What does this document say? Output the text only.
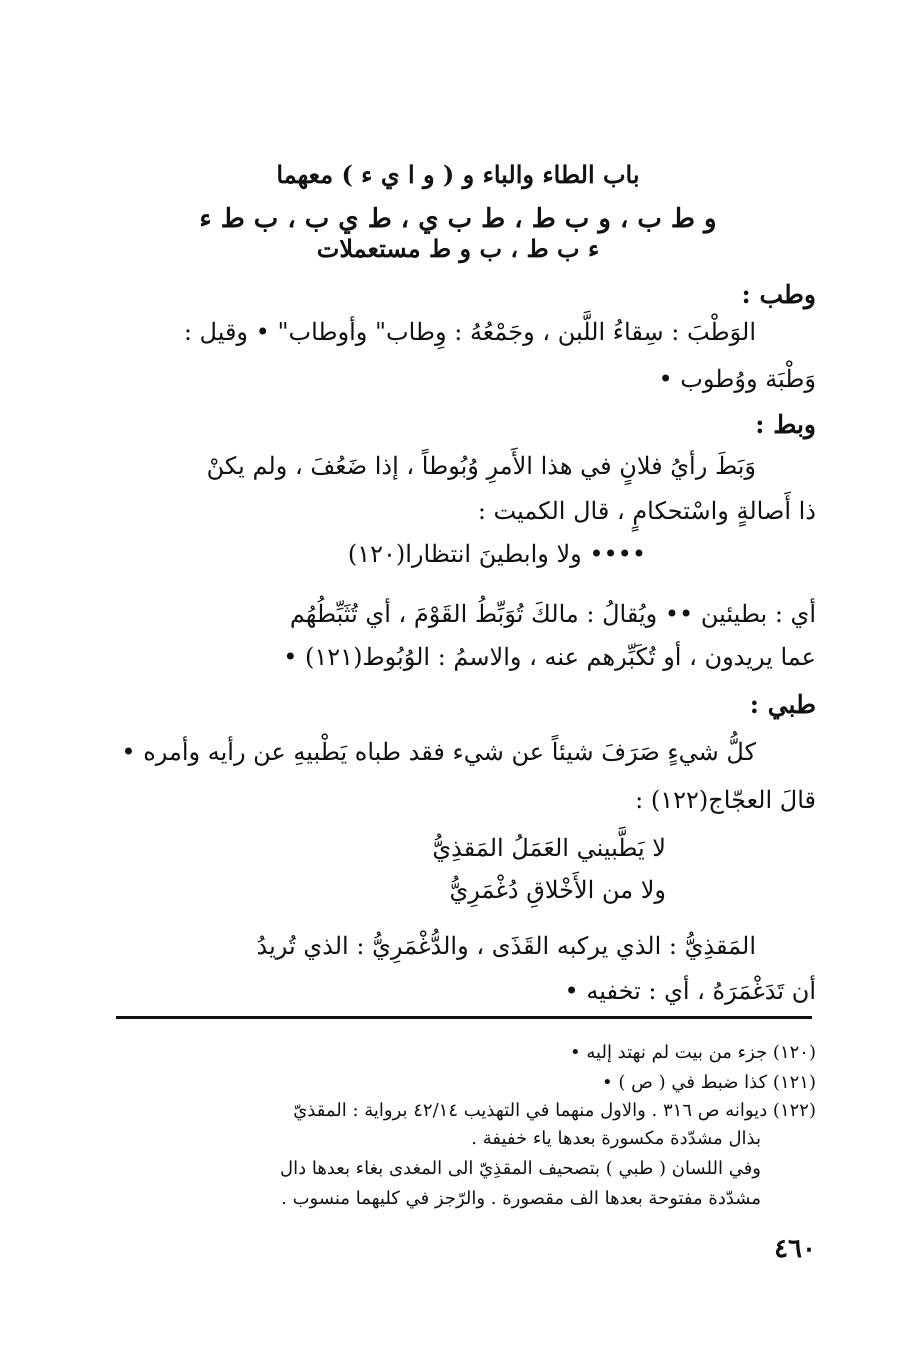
باب الطاء والباء و ( و ا ي ء ) معهما
و ط ب ، و ب ط ، ط ب ي ، ط ي ب ، ب ط ء
ء ب ط ، ب و ط مستعملات
وطب :
الوَطْبَ : سِقاءُ اللَّبن ، وجَمْعُهُ : وِطاب" وأوطاب" • وقيل :
وَطْبَة ووُطوب •
وبط :
وَبَطَ رأيُ فلانٍ في هذا الأَمرِ وُبُوطاً ، إذا ضَعُفَ ، ولم يكنْ
ذا أَصالةٍ واسْتحكامٍ ، قال الكميت :
•••• ولا وابطينَ انتظارا(١٢٠)
أي : بطيئين •• ويُقالُ : مالكَ تُوَبِّطُ القَوْمَ ، أي تُثَبِّطُهُم
عما يريدون ، أو تُكَبِّرهم عنه ، والاسمُ : الوُبُوط(١٢١) •
طبي :
كلُّ شيءٍ صَرَفَ شيئاً عن شيء فقد طباه يَطْبيهِ عن رأيه وأمره •
قالَ العجّاج(١٢٢) :
لا يَطَّبيني العَمَلُ المَقذِيُّ
ولا من الأَخْلاقِ دُغْمَرِيُّ
المَقذِيُّ : الذي يركبه القَذَى ، والدُّغْمَرِيُّ : الذي تُريدُ
أن تَدَغْمَرَهُ ، أي : تخفيه •
(١٢٠) جزء من بيت لم نهتد إليه •
(١٢١) كذا ضبط في ( ص ) •
(١٢٢) ديوانه ص ٣١٦ . والاول منهما في التهذيب ٤٢/١٤ برواية : المقذيّ
بذال مشدّدة مكسورة بعدها ياء خفيفة .
وفي اللسان ( طبي ) بتصحيف المقذِيّ الى المغدى بغاء بعدها دال
مشدّدة مفتوحة بعدها الف مقصورة . والرّجز في كليهما منسوب .
٤٦٠
